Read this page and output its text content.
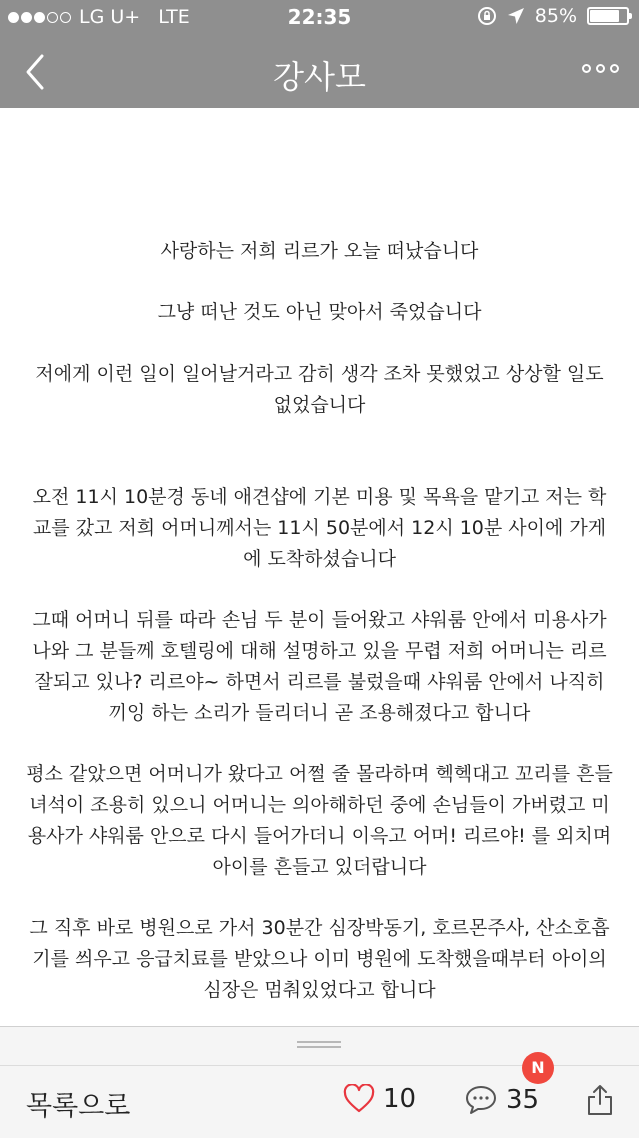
LG U+ LTE	22:35	85%
강사모

사랑하는 저희 리르가 오늘 떠났습니다

그냥 떠난 것도 아닌 맞아서 죽었습니다

저에게 이런 일이 일어날거라고 감히 생각 조차 못했었고 상상할 일도 없었습니다

오전 11시 10분경 동네 애견샵에 기본 미용 및 목욕을 맡기고 저는 학교를 갔고 저희 어머니께서는 11시 50분에서 12시 10분 사이에 가게에 도착하셨습니다

그때 어머니 뒤를 따라 손님 두 분이 들어왔고 샤워룸 안에서 미용사가 나와 그 분들께 호텔링에 대해 설명하고 있을 무렵 저희 어머니는 리르 잘되고 있나? 리르야~ 하면서 리르를 불렀을때 샤워룸 안에서 나직히 끼잉 하는 소리가 들리더니 곧 조용해졌다고 합니다

평소 같았으면 어머니가 왔다고 어쩔 줄 몰라하며 헥헥대고 꼬리를 흔들 녀석이 조용히 있으니 어머니는 의아해하던 중에 손님들이 가버렸고 미용사가 샤워룸 안으로 다시 들어가더니 이윽고 어머! 리르야! 를 외치며 아이를 흔들고 있더랍니다

그 직후 바로 병원으로 가서 30분간 심장박동기, 호르몬주사, 산소호흡기를 씌우고 응급치료를 받았으나 이미 병원에 도착했을때부터 아이의 심장은 멈춰있었다고 합니다

목록으로	10	35
N
